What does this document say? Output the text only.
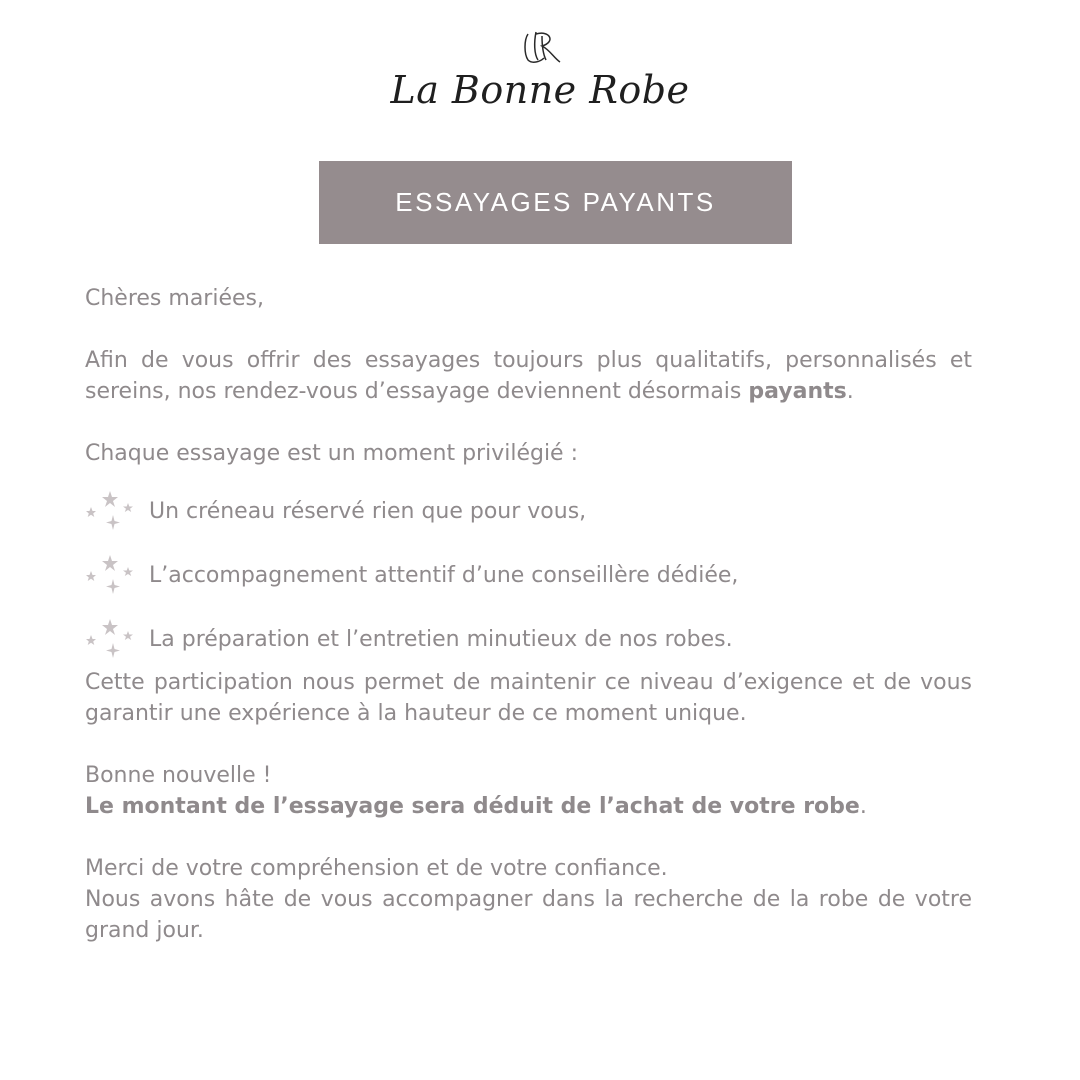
La Bonne Robe
ESSAYAGES PAYANTS

Chères mariées,

Afin de vous offrir des essayages toujours plus qualitatifs, personnalisés et sereins, nos rendez-vous d’essayage deviennent désormais payants.

Chaque essayage est un moment privilégié :

Un créneau réservé rien que pour vous,
L’accompagnement attentif d’une conseillère dédiée,
La préparation et l’entretien minutieux de nos robes.

Cette participation nous permet de maintenir ce niveau d’exigence et de vous garantir une expérience à la hauteur de ce moment unique.

Bonne nouvelle !

Le montant de l’essayage sera déduit de l’achat de votre robe.

Merci de votre compréhension et de votre confiance.

Nous avons hâte de vous accompagner dans la recherche de la robe de votre grand jour.
